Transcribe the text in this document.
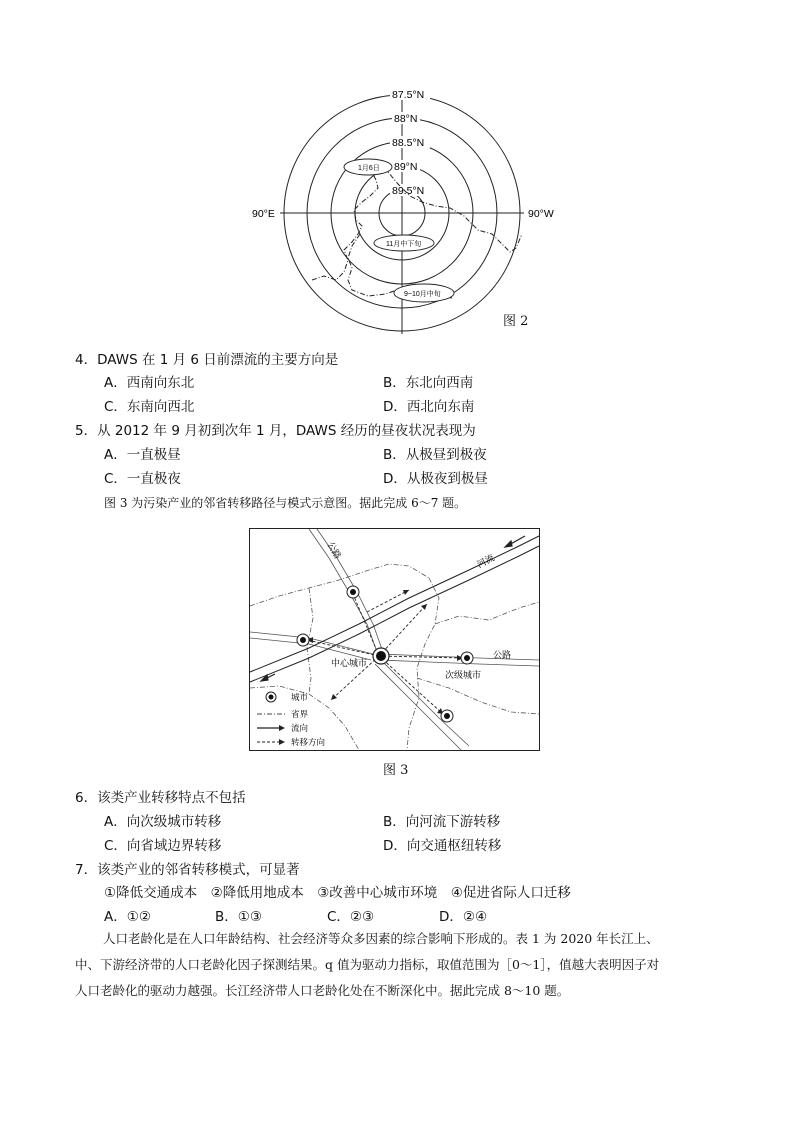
87.5°N
88°N
88.5°N
89°N
89.5°N
90°E	90°W
1月6日
11月中下旬
9~10月中旬
图 2
4．DAWS 在 1 月 6 日前漂流的主要方向是
A．西南向东北	B．东北向西南
C．东南向西北	D．西北向东南
5．从 2012 年 9 月初到次年 1 月，DAWS 经历的昼夜状况表现为
A．一直极昼	B．从极昼到极夜
C．一直极夜	D．从极夜到极昼
图 3 为污染产业的邻省转移路径与模式示意图。据此完成 6～7 题。
公路
河流
公路
中心城市
次级城市
城市
省界
流向
转移方向
图 3
6．该类产业转移特点不包括
A．向次级城市转移	B．向河流下游转移
C．向省域边界转移	D．向交通枢纽转移
7．该类产业的邻省转移模式，可显著
①降低交通成本　②降低用地成本　③改善中心城市环境　④促进省际人口迁移
A．①②	B．①③	C．②③	D．②④
人口老龄化是在人口年龄结构、社会经济等众多因素的综合影响下形成的。表 1 为 2020 年长江上、
中、下游经济带的人口老龄化因子探测结果。q 值为驱动力指标，取值范围为［0～1］，值越大表明因子对
人口老龄化的驱动力越强。长江经济带人口老龄化处在不断深化中。据此完成 8～10 题。
